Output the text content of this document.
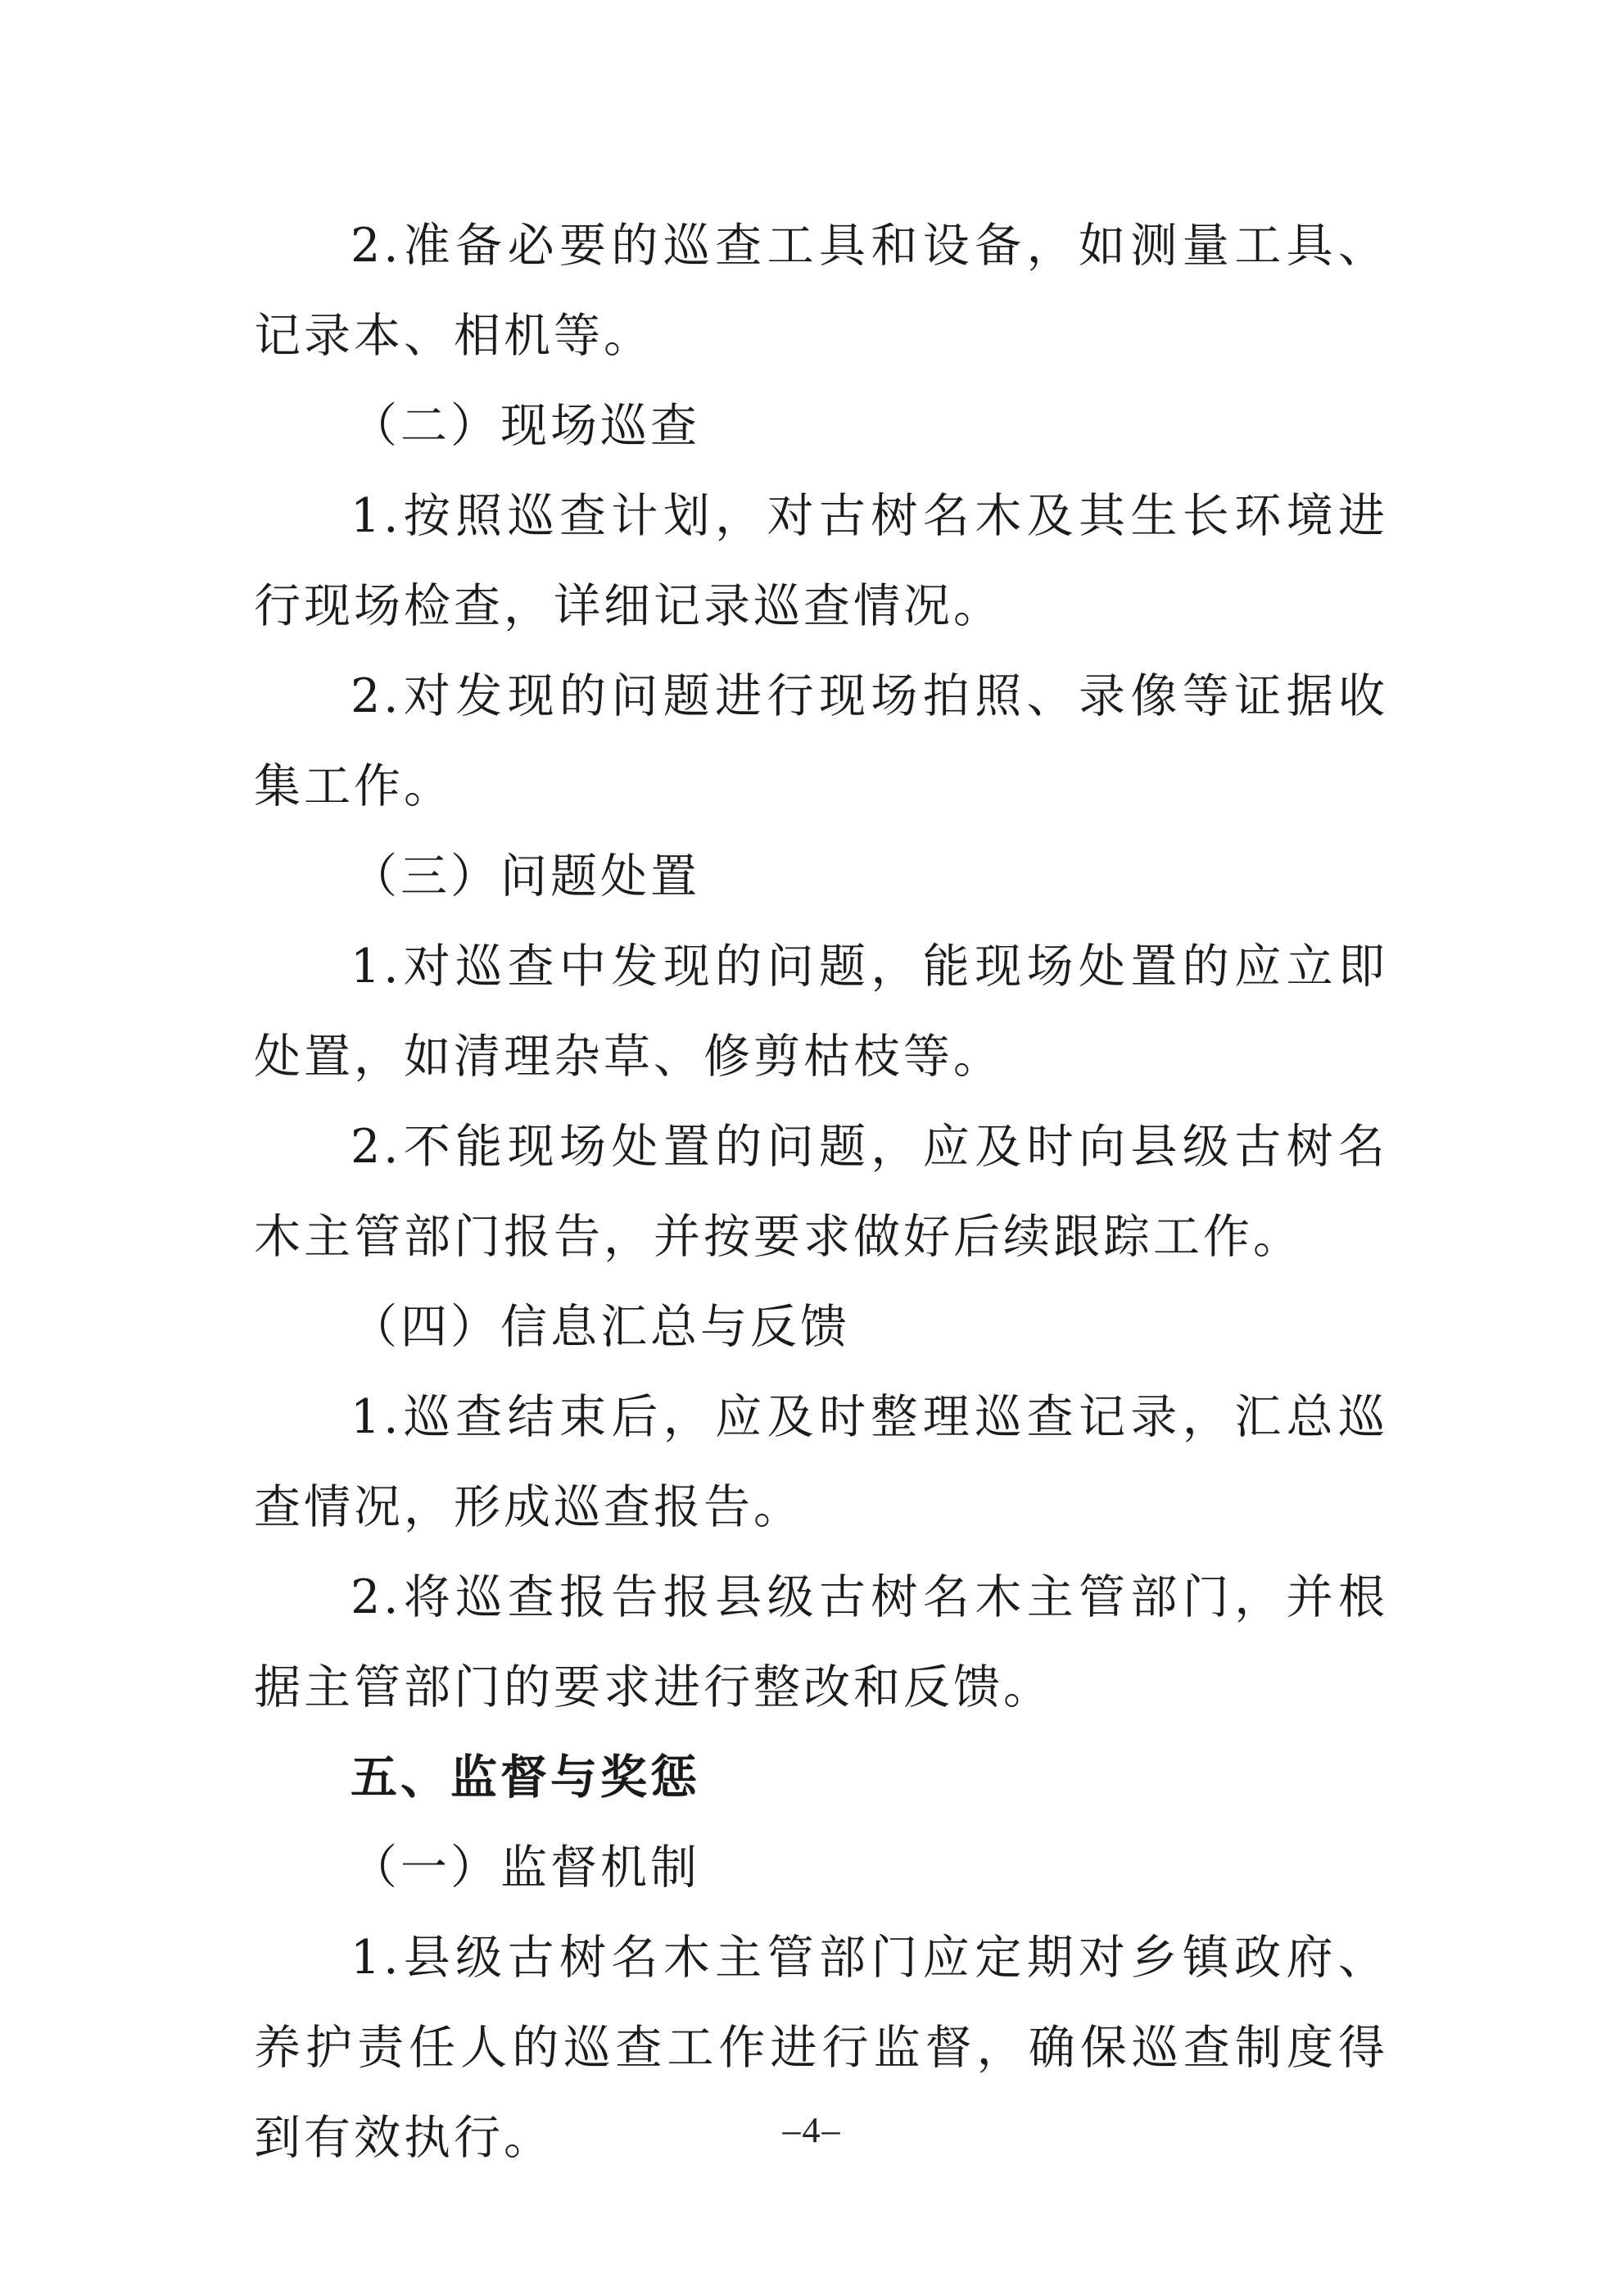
2.准备必要的巡查工具和设备，如测量工具、记录本、相机等。

（二）现场巡查

1.按照巡查计划，对古树名木及其生长环境进行现场检查，详细记录巡查情况。

2.对发现的问题进行现场拍照、录像等证据收集工作。

（三）问题处置

1.对巡查中发现的问题，能现场处置的应立即处置，如清理杂草、修剪枯枝等。

2.不能现场处置的问题，应及时向县级古树名木主管部门报告，并按要求做好后续跟踪工作。

（四）信息汇总与反馈

1.巡查结束后，应及时整理巡查记录，汇总巡查情况，形成巡查报告。

2.将巡查报告报县级古树名木主管部门，并根据主管部门的要求进行整改和反馈。

五、监督与奖惩

（一）监督机制

1.县级古树名木主管部门应定期对乡镇政府、养护责任人的巡查工作进行监督，确保巡查制度得到有效执行。	–4–
